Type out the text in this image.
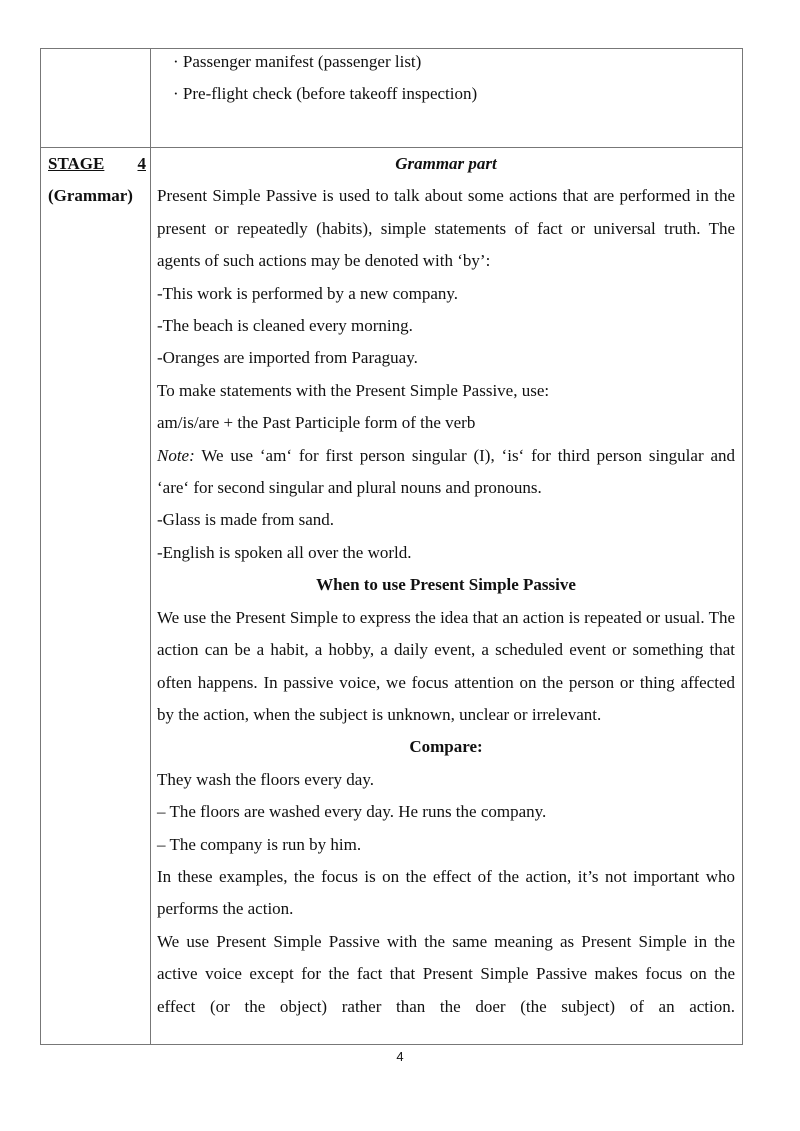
· Passenger manifest (passenger list)
· Pre-flight check (before takeoff inspection)
STAGE 4
(Grammar)

Grammar part

Present Simple Passive is used to talk about some actions that are performed in the present or repeatedly (habits), simple statements of fact or universal truth. The agents of such actions may be denoted with ‘by’:

-This work is performed by a new company.

-The beach is cleaned every morning.

-Oranges are imported from Paraguay.

To make statements with the Present Simple Passive, use:

am/is/are + the Past Participle form of the verb

Note: We use ‘am‘ for first person singular (I), ‘is‘ for third person singular and ‘are‘ for second singular and plural nouns and pronouns.

-Glass is made from sand.

-English is spoken all over the world.

When to use Present Simple Passive

We use the Present Simple to express the idea that an action is repeated or usual. The action can be a habit, a hobby, a daily event, a scheduled event or something that often happens. In passive voice, we focus attention on the person or thing affected by the action, when the subject is unknown, unclear or irrelevant.

Compare:

They wash the floors every day.

– The floors are washed every day. He runs the company.

– The company is run by him.

In these examples, the focus is on the effect of the action, it’s not important who performs the action.

We use Present Simple Passive with the same meaning as Present Simple in the active voice except for the fact that Present Simple Passive makes focus on the effect (or the object) rather than the doer (the subject) of an action.

4
